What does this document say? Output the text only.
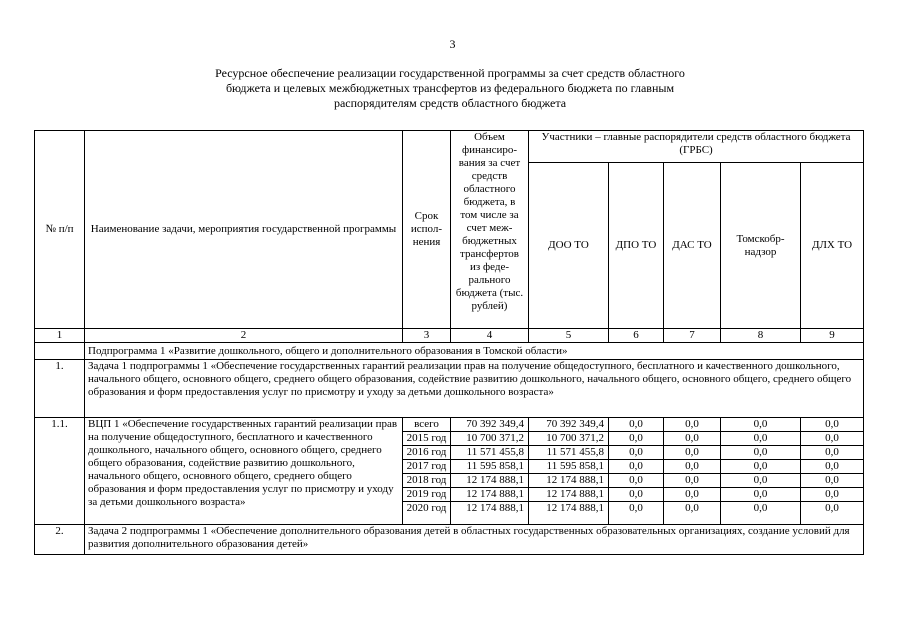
3
Ресурсное обеспечение реализации государственной программы за счет средств областного
бюджета и целевых межбюджетных трансфертов из федерального бюджета по главным
распорядителям средств областного бюджета
№ п/п	Наименование задачи, мероприятия государственной программы	Срок испол-нения	Объем финансиро-вания за счет средств областного бюджета, в том числе за счет меж-бюджетных трансфертов из феде-рального бюджета (тыс. рублей)	Участники – главные распорядители средств областного бюджета (ГРБС)				
				ДОО ТО	ДПО ТО	ДАС ТО	Томскобр-надзор	ДЛХ ТО
1	2	3	4	5	6	7	8	9
	Подпрограмма 1 «Развитие дошкольного, общего и дополнительного образования в Томской области»							
1.	Задача 1 подпрограммы 1 «Обеспечение государственных гарантий реализации прав на получение общедоступного, бесплатного и качественного дошкольного, начального общего, основного общего, среднего общего образования, содействие развитию дошкольного, начального общего, основного общего, среднего общего образования и форм предоставления услуг по присмотру и уходу за детьми дошкольного возраста»							
1.1.	ВЦП 1 «Обеспечение государственных гарантий реализации прав на получение общедоступного, бесплатного и качественного дошкольного, начального общего, основного общего, среднего общего образования, содействие развитию дошкольного, начального общего, основного общего, среднего общего образования и форм предоставления услуг по присмотру и уходу за детьми дошкольного возраста»	всего	70 392 349,4	70 392 349,4	0,0	0,0	0,0	0,0
		2015 год	10 700 371,2	10 700 371,2	0,0	0,0	0,0	0,0
		2016 год	11 571 455,8	11 571 455,8	0,0	0,0	0,0	0,0
		2017 год	11 595 858,1	11 595 858,1	0,0	0,0	0,0	0,0
		2018 год	12 174 888,1	12 174 888,1	0,0	0,0	0,0	0,0
		2019 год	12 174 888,1	12 174 888,1	0,0	0,0	0,0	0,0
		2020 год	12 174 888,1	12 174 888,1	0,0	0,0	0,0	0,0
2.	Задача 2 подпрограммы 1 «Обеспечение дополнительного образования детей в областных государственных образовательных организациях, создание условий для развития дополнительного образования детей»							
